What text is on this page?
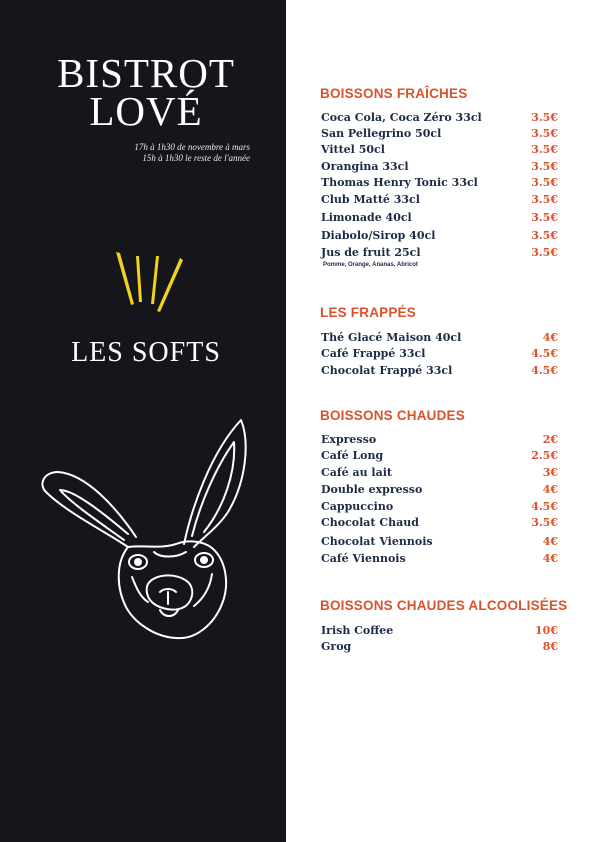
BISTROT
LOVÉ
17h à 1h30 de novembre à mars
15h à 1h30 le reste de l'année
LES SOFTS
BOISSONS FRAÎCHES
Coca Cola, Coca Zéro 33cl	3.5€
San Pellegrino 50cl	3.5€
Vittel 50cl	3.5€
Orangina 33cl	3.5€
Thomas Henry Tonic 33cl	3.5€
Club Matté 33cl	3.5€
Limonade 40cl	3.5€
Diabolo/Sirop 40cl	3.5€
Jus de fruit 25cl	3.5€
Pomme, Orange, Ananas, Abricot
LES FRAPPÉS
Thé Glacé Maison 40cl	4€
Café Frappé 33cl	4.5€
Chocolat Frappé 33cl	4.5€
BOISSONS CHAUDES
Expresso	2€
Café Long	2.5€
Café au lait	3€
Double expresso	4€
Cappuccino	4.5€
Chocolat Chaud	3.5€
Chocolat Viennois	4€
Café Viennois	4€
BOISSONS CHAUDES ALCOOLISÉES
Irish Coffee	10€
Grog	8€
